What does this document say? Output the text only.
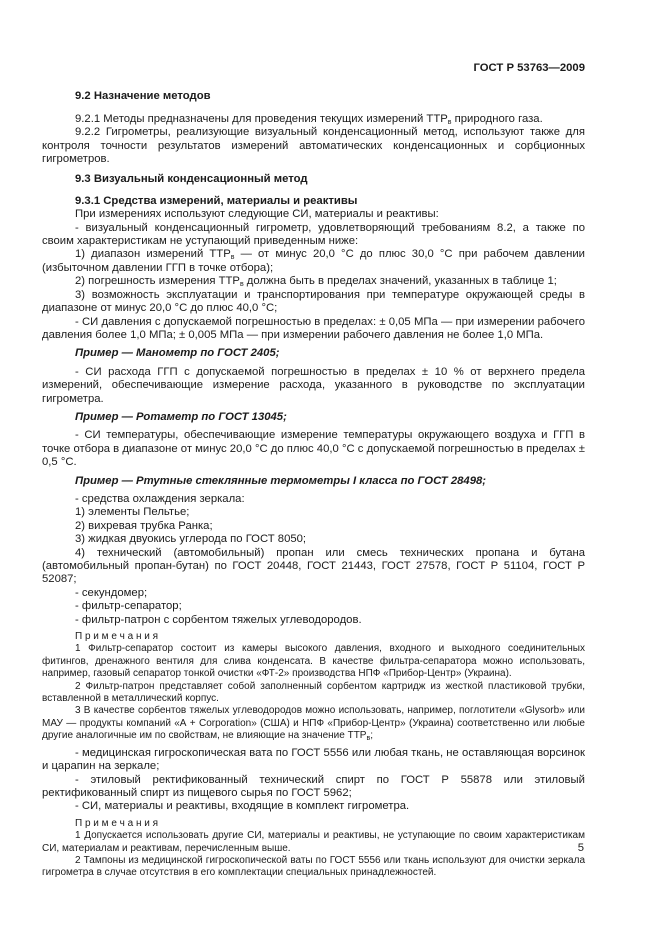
ГОСТ Р 53763—2009

9.2 Назначение методов

9.2.1 Методы предназначены для проведения текущих измерений $ТТР_в$ природного газа.

9.2.2 Гигрометры, реализующие визуальный конденсационный метод, используют также для контроля точности результатов измерений автоматических конденсационных и сорбционных гигрометров.

9.3 Визуальный конденсационный метод

9.3.1 Средства измерений, материалы и реактивы

При измерениях используют следующие СИ, материалы и реактивы:

- визуальный конденсационный гигрометр, удовлетворяющий требованиям 8.2, а также по своим характеристикам не уступающий приведенным ниже:

1) диапазон измерений $ТТР_в$ — от минус 20,0 °С до плюс 30,0 °С при рабочем давлении (избыточном давлении ГГП в точке отбора);

2) погрешность измерения $ТТР_в$ должна быть в пределах значений, указанных в таблице 1;

3) возможность эксплуатации и транспортирования при температуре окружающей среды в диапазоне от минус 20,0 °С до плюс 40,0 °С;

- СИ давления с допускаемой погрешностью в пределах: ± 0,05 МПа — при измерении рабочего давления более 1,0 МПа; ± 0,005 МПа — при измерении рабочего давления не более 1,0 МПа.

Пример — Манометр по ГОСТ 2405;

- СИ расхода ГГП с допускаемой погрешностью в пределах ± 10 % от верхнего предела измерений, обеспечивающие измерение расхода, указанного в руководстве по эксплуатации гигрометра.

Пример — Ротаметр по ГОСТ 13045;

- СИ температуры, обеспечивающие измерение температуры окружающего воздуха и ГГП в точке отбора в диапазоне от минус 20,0 °С до плюс 40,0 °С с допускаемой погрешностью в пределах ± 0,5 °С.

Пример — Ртутные стеклянные термометры I класса по ГОСТ 28498;

- средства охлаждения зеркала:

1) элементы Пельтье;

2) вихревая трубка Ранка;

3) жидкая двуокись углерода по ГОСТ 8050;

4) технический (автомобильный) пропан или смесь технических пропана и бутана (автомобильный пропан-бутан) по ГОСТ 20448, ГОСТ 21443, ГОСТ 27578, ГОСТ Р 51104, ГОСТ Р 52087;

- секундомер;

- фильтр-сепаратор;

- фильтр-патрон с сорбентом тяжелых углеводородов.

П р и м е ч а н и я

1 Фильтр-сепаратор состоит из камеры высокого давления, входного и выходного соединительных фитингов, дренажного вентиля для слива конденсата. В качестве фильтра-сепаратора можно использовать, например, газовый сепаратор тонкой очистки «ФТ-2» производства НПФ «Прибор-Центр» (Украина).

2 Фильтр-патрон представляет собой заполненный сорбентом картридж из жесткой пластиковой трубки, вставленной в металлический корпус.

3 В качестве сорбентов тяжелых углеводородов можно использовать, например, поглотители «Glysorb» или МАУ — продукты компаний «А + Corporation» (США) и НПФ «Прибор-Центр» (Украина) соответственно или любые другие аналогичные им по свойствам, не влияющие на значение $ТТР_в$;

- медицинская гигроскопическая вата по ГОСТ 5556 или любая ткань, не оставляющая ворсинок и царапин на зеркале;

- этиловый ректификованный технический спирт по ГОСТ Р 55878 или этиловый ректификованный спирт из пищевого сырья по ГОСТ 5962;

- СИ, материалы и реактивы, входящие в комплект гигрометра.

П р и м е ч а н и я

1 Допускается использовать другие СИ, материалы и реактивы, не уступающие по своим характеристикам СИ, материалам и реактивам, перечисленным выше.

2 Тампоны из медицинской гигроскопической ваты по ГОСТ 5556 или ткань используют для очистки зеркала гигрометра в случае отсутствия в его комплектации специальных принадлежностей.

5
